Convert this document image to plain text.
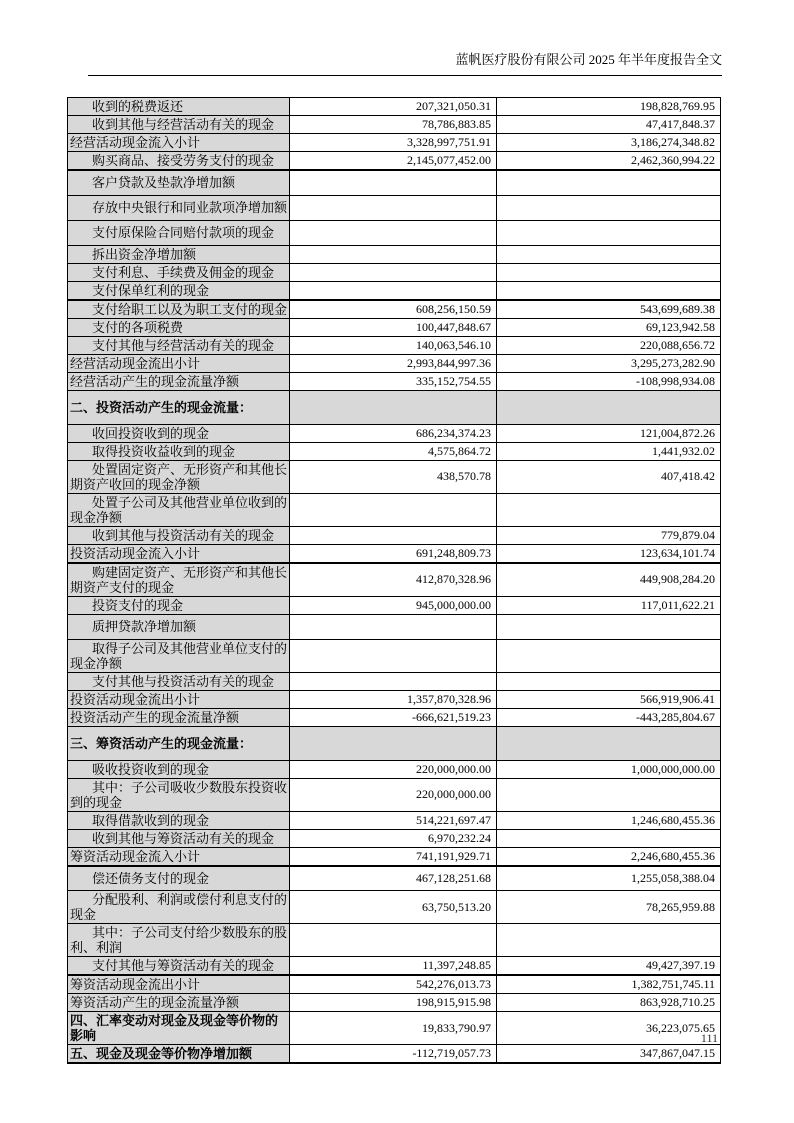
蓝帆医疗股份有限公司 2025 年半年度报告全文
收到的税费返还	207,321,050.31	198,828,769.95
收到其他与经营活动有关的现金	78,786,883.85	47,417,848.37
经营活动现金流入小计	3,328,997,751.91	3,186,274,348.82
购买商品、接受劳务支付的现金	2,145,077,452.00	2,462,360,994.22
客户贷款及垫款净增加额		
存放中央银行和同业款项净增加额		
支付原保险合同赔付款项的现金		
拆出资金净增加额		
支付利息、手续费及佣金的现金		
支付保单红利的现金		
支付给职工以及为职工支付的现金	608,256,150.59	543,699,689.38
支付的各项税费	100,447,848.67	69,123,942.58
支付其他与经营活动有关的现金	140,063,546.10	220,088,656.72
经营活动现金流出小计	2,993,844,997.36	3,295,273,282.90
经营活动产生的现金流量净额	335,152,754.55	-108,998,934.08
二、投资活动产生的现金流量：		
收回投资收到的现金	686,234,374.23	121,004,872.26
取得投资收益收到的现金	4,575,864.72	1,441,932.02
处置固定资产、无形资产和其他长期资产收回的现金净额	438,570.78	407,418.42
处置子公司及其他营业单位收到的现金净额		
收到其他与投资活动有关的现金		779,879.04
投资活动现金流入小计	691,248,809.73	123,634,101.74
购建固定资产、无形资产和其他长期资产支付的现金	412,870,328.96	449,908,284.20
投资支付的现金	945,000,000.00	117,011,622.21
质押贷款净增加额		
取得子公司及其他营业单位支付的现金净额		
支付其他与投资活动有关的现金		
投资活动现金流出小计	1,357,870,328.96	566,919,906.41
投资活动产生的现金流量净额	-666,621,519.23	-443,285,804.67
三、筹资活动产生的现金流量：		
吸收投资收到的现金	220,000,000.00	1,000,000,000.00
其中：子公司吸收少数股东投资收到的现金	220,000,000.00	
取得借款收到的现金	514,221,697.47	1,246,680,455.36
收到其他与筹资活动有关的现金	6,970,232.24	
筹资活动现金流入小计	741,191,929.71	2,246,680,455.36
偿还债务支付的现金	467,128,251.68	1,255,058,388.04
分配股利、利润或偿付利息支付的现金	63,750,513.20	78,265,959.88
其中：子公司支付给少数股东的股利、利润		
支付其他与筹资活动有关的现金	11,397,248.85	49,427,397.19
筹资活动现金流出小计	542,276,013.73	1,382,751,745.11
筹资活动产生的现金流量净额	198,915,915.98	863,928,710.25
四、汇率变动对现金及现金等价物的影响	19,833,790.97	36,223,075.65
五、现金及现金等价物净增加额	-112,719,057.73	347,867,047.15
111
